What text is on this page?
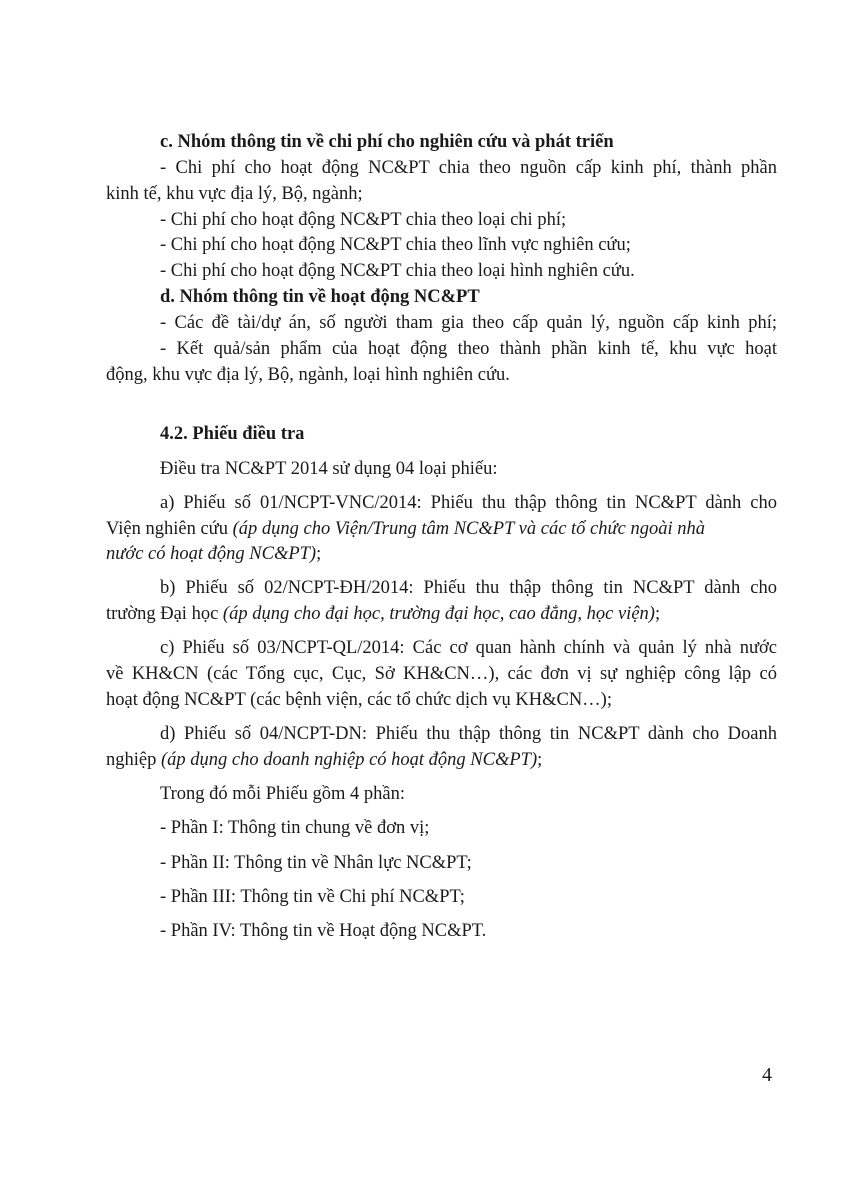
c. Nhóm thông tin về chi phí cho nghiên cứu và phát triển
- Chi phí cho hoạt động NC&PT chia theo nguồn cấp kinh phí, thành phần
kinh tế, khu vực địa lý, Bộ, ngành;
- Chi phí cho hoạt động NC&PT chia theo loại chi phí;
- Chi phí cho hoạt động NC&PT chia theo lĩnh vực nghiên cứu;
- Chi phí cho hoạt động NC&PT chia theo loại hình nghiên cứu.
d. Nhóm thông tin về hoạt động NC&PT
- Các đề tài/dự án, số người tham gia theo cấp quản lý, nguồn cấp kinh phí;
- Kết quả/sản phẩm của hoạt động theo thành phần kinh tế, khu vực hoạt
động, khu vực địa lý, Bộ, ngành, loại hình nghiên cứu.
4.2. Phiếu điều tra
Điều tra NC&PT 2014 sử dụng 04 loại phiếu:
a) Phiếu số 01/NCPT-VNC/2014: Phiếu thu thập thông tin NC&PT dành cho
Viện nghiên cứu (áp dụng cho Viện/Trung tâm NC&PT và các tổ chức ngoài nhà
nước có hoạt động NC&PT);
b) Phiếu số 02/NCPT-ĐH/2014: Phiếu thu thập thông tin NC&PT dành cho
trường Đại học (áp dụng cho đại học, trường đại học, cao đẳng, học viện);
c) Phiếu số 03/NCPT-QL/2014: Các cơ quan hành chính và quản lý nhà nước
về KH&CN (các Tổng cục, Cục, Sở KH&CN…), các đơn vị sự nghiệp công lập có
hoạt động NC&PT (các bệnh viện, các tổ chức dịch vụ KH&CN…);
d) Phiếu số 04/NCPT-DN: Phiếu thu thập thông tin NC&PT dành cho Doanh
nghiệp (áp dụng cho doanh nghiệp có hoạt động NC&PT);
Trong đó mỗi Phiếu gồm 4 phần:
- Phần I: Thông tin chung về đơn vị;
- Phần II: Thông tin về Nhân lực NC&PT;
- Phần III: Thông tin về Chi phí NC&PT;
- Phần IV: Thông tin về Hoạt động NC&PT.
4
